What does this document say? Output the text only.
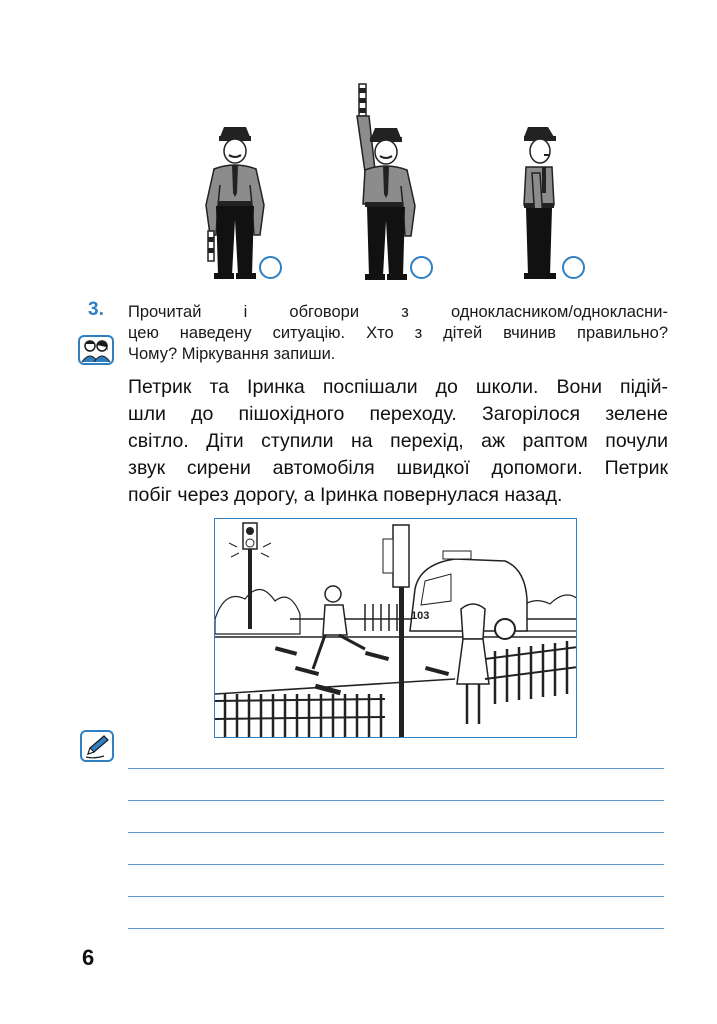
3. Прочитай і обговори з однокласником/однокласни-
цею наведену ситуацію. Хто з дітей вчинив правильно?
Чому? Міркування запиши.
Петрик та Іринка поспішали до школи. Вони підій-
шли до пішохідного переходу. Загорілося зелене
світло. Діти ступили на перехід, аж раптом почули
звук сирени автомобіля швидкої допомоги. Петрик
побіг через дорогу, а Іринка повернулася назад.
103
6
